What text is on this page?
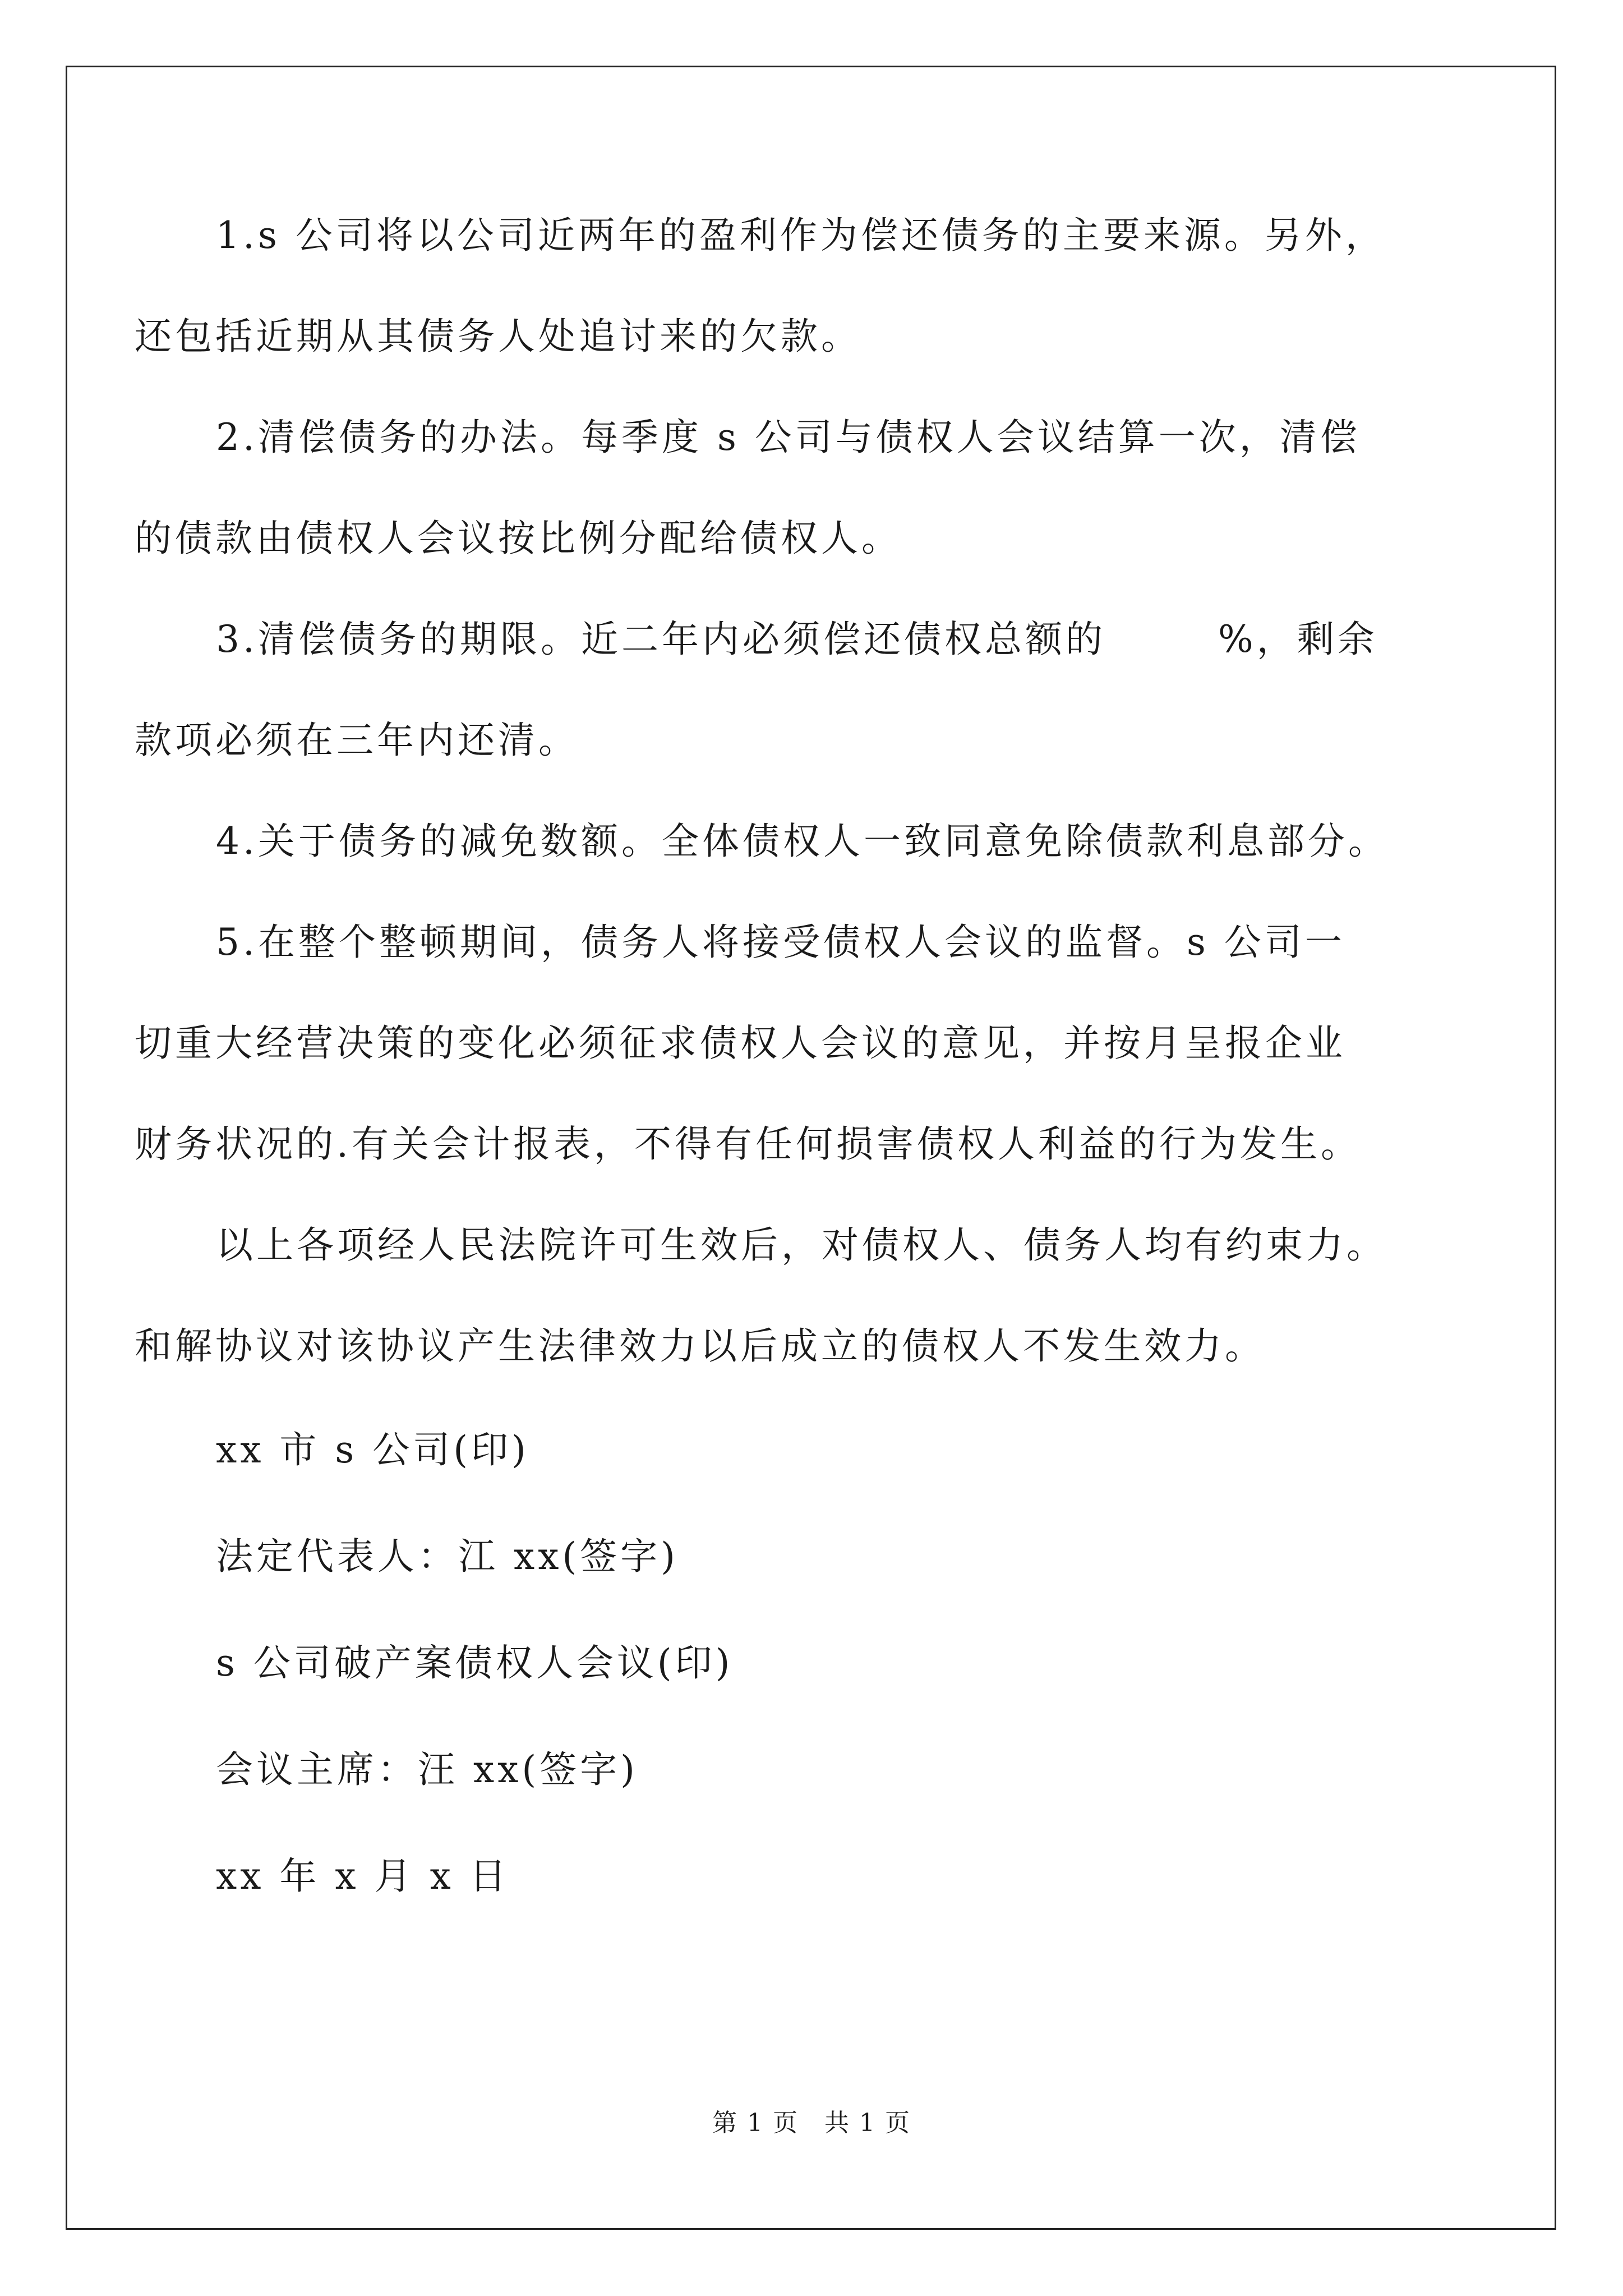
1.s 公司将以公司近两年的盈利作为偿还债务的主要来源。另外，
还包括近期从其债务人处追讨来的欠款。
2.清偿债务的办法。每季度 s 公司与债权人会议结算一次，清偿
的债款由债权人会议按比例分配给债权人。
3.清偿债务的期限。近二年内必须偿还债权总额的	%，剩余
款项必须在三年内还清。
4.关于债务的减免数额。全体债权人一致同意免除债款利息部分。
5.在整个整顿期间，债务人将接受债权人会议的监督。s 公司一
切重大经营决策的变化必须征求债权人会议的意见，并按月呈报企业
财务状况的.有关会计报表，不得有任何损害债权人利益的行为发生。
以上各项经人民法院许可生效后，对债权人、债务人均有约束力。
和解协议对该协议产生法律效力以后成立的债权人不发生效力。
xx 市 s 公司(印)
法定代表人：江 xx(签字)
s 公司破产案债权人会议(印)
会议主席：汪 xx(签字)
xx 年 x 月 x 日
第 1 页　共 1 页
